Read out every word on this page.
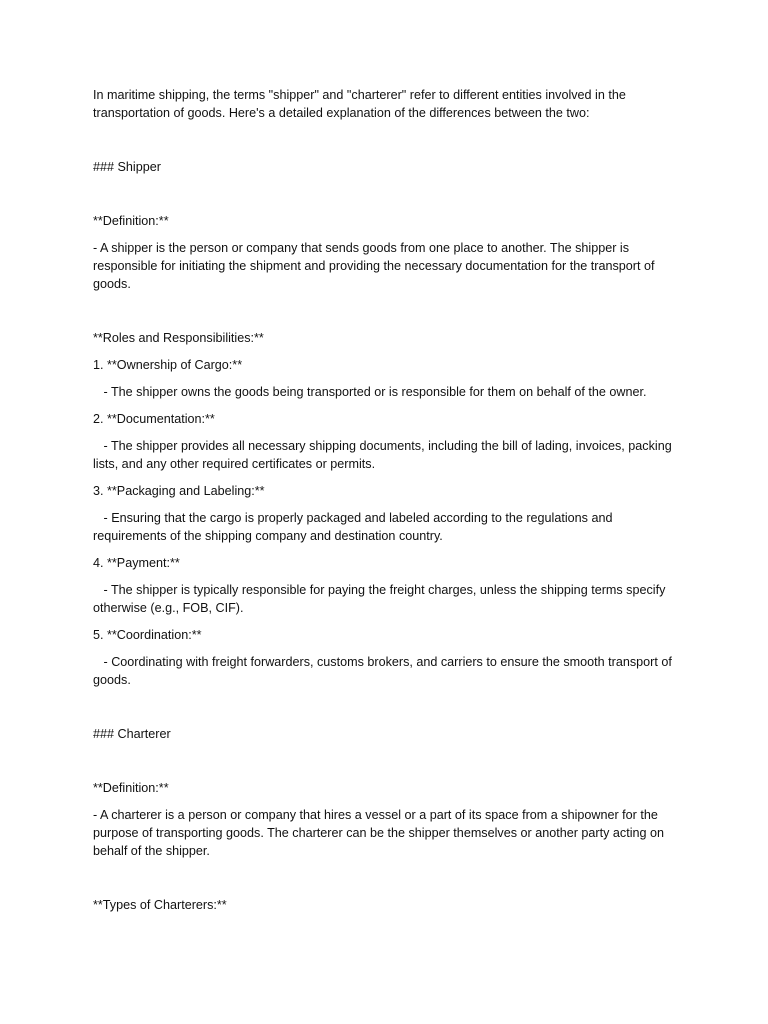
In maritime shipping, the terms "shipper" and "charterer" refer to different entities involved in the transportation of goods. Here's a detailed explanation of the differences between the two:

### Shipper

**Definition:**

- A shipper is the person or company that sends goods from one place to another. The shipper is responsible for initiating the shipment and providing the necessary documentation for the transport of goods.

**Roles and Responsibilities:**

1. **Ownership of Cargo:**

- The shipper owns the goods being transported or is responsible for them on behalf of the owner.

2. **Documentation:**

- The shipper provides all necessary shipping documents, including the bill of lading, invoices, packing lists, and any other required certificates or permits.

3. **Packaging and Labeling:**

- Ensuring that the cargo is properly packaged and labeled according to the regulations and requirements of the shipping company and destination country.

4. **Payment:**

- The shipper is typically responsible for paying the freight charges, unless the shipping terms specify otherwise (e.g., FOB, CIF).

5. **Coordination:**

- Coordinating with freight forwarders, customs brokers, and carriers to ensure the smooth transport of goods.

### Charterer

**Definition:**

- A charterer is a person or company that hires a vessel or a part of its space from a shipowner for the purpose of transporting goods. The charterer can be the shipper themselves or another party acting on behalf of the shipper.

**Types of Charterers:**
